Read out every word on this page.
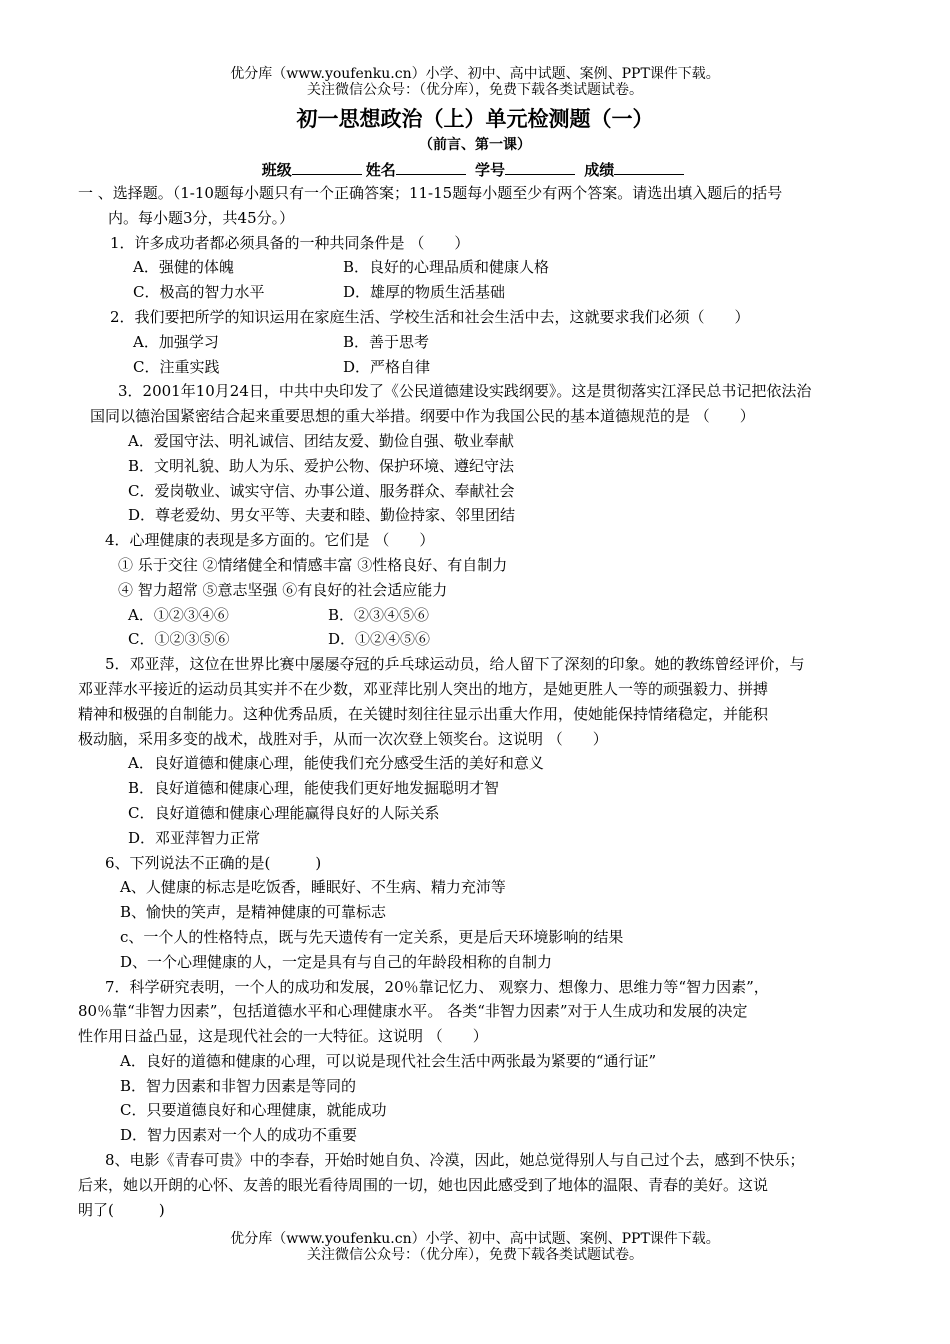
优分库（www.youfenku.cn）小学、初中、高中试题、案例、PPT课件下载。
关注微信公众号：（优分库），免费下载各类试题试卷。
初一思想政治（上）单元检测题（一）
（前言、第一课）
班级	姓名	学号	成绩

一 、选择题。（1-10题每小题只有一个正确答案；11-15题每小题至少有两个答案。请选出填入题后的括号
内。每小题3分，共45分。）

1．许多成功者都必须具备的一种共同条件是 （　　）

A．强健的体魄	B．良好的心理品质和健康人格
C．极高的智力水平	D．雄厚的物质生活基础

2．我们要把所学的知识运用在家庭生活、学校生活和社会生活中去，这就要求我们必须（　　）

A．加强学习	B．善于思考
C．注重实践	D．严格自律

3．2001年10月24日，中共中央印发了《公民道德建设实践纲要》。这是贯彻落实江泽民总书记把依法治

国同以德治国紧密结合起来重要思想的重大举措。纲要中作为我国公民的基本道德规范的是 （　　）

A．爱国守法、明礼诚信、团结友爱、勤俭自强、敬业奉献

B．文明礼貌、助人为乐、爱护公物、保护环境、遵纪守法

C．爱岗敬业、诚实守信、办事公道、服务群众、奉献社会

D．尊老爱幼、男女平等、夫妻和睦、勤俭持家、邻里团结

4．心理健康的表现是多方面的。它们是 （　　）

① 乐于交往 ②情绪健全和情感丰富 ③性格良好、有自制力

④ 智力超常 ⑤意志坚强 ⑥有良好的社会适应能力

A．①②③④⑥	B．②③④⑤⑥
C．①②③⑤⑥	D．①②④⑤⑥

5．邓亚萍，这位在世界比赛中屡屡夺冠的乒乓球运动员，给人留下了深刻的印象。她的教练曾经评价，与

邓亚萍水平接近的运动员其实并不在少数，邓亚萍比别人突出的地方，是她更胜人一等的顽强毅力、拼搏

精神和极强的自制能力。这种优秀品质，在关键时刻往往显示出重大作用，使她能保持情绪稳定，并能积

极动脑，采用多变的战术，战胜对手，从而一次次登上领奖台。这说明 （　　）

A．良好道德和健康心理，能使我们充分感受生活的美好和意义

B．良好道德和健康心理，能使我们更好地发掘聪明才智

C．良好道德和健康心理能赢得良好的人际关系

D．邓亚萍智力正常

6、下列说法不正确的是(　　　)

A、人健康的标志是吃饭香，睡眠好、不生病、精力充沛等

B、愉快的笑声，是精神健康的可靠标志

c、一个人的性格特点，既与先天遗传有一定关系，更是后天环境影响的结果

D、一个心理健康的人，一定是具有与自己的年龄段相称的自制力

7．科学研究表明，一个人的成功和发展，20％靠记忆力、 观察力、想像力、思维力等“智力因素”，

80％靠“非智力因素”，包括道德水平和心理健康水平。 各类“非智力因素”对于人生成功和发展的决定

性作用日益凸显，这是现代社会的一大特征。这说明 （　　）

A．良好的道德和健康的心理，可以说是现代社会生活中两张最为紧要的“通行证”

B．智力因素和非智力因素是等同的

C．只要道德良好和心理健康，就能成功

D．智力因素对一个人的成功不重要

8、电影《青春可贵》中的李春，开始时她自负、冷漠，因此，她总觉得别人与自己过个去，感到不快乐；

后来，她以开朗的心怀、友善的眼光看待周围的一切，她也因此感受到了地体的温限、青春的美好。这说

明了(　　　)

优分库（www.youfenku.cn）小学、初中、高中试题、案例、PPT课件下载。
关注微信公众号：（优分库），免费下载各类试题试卷。
